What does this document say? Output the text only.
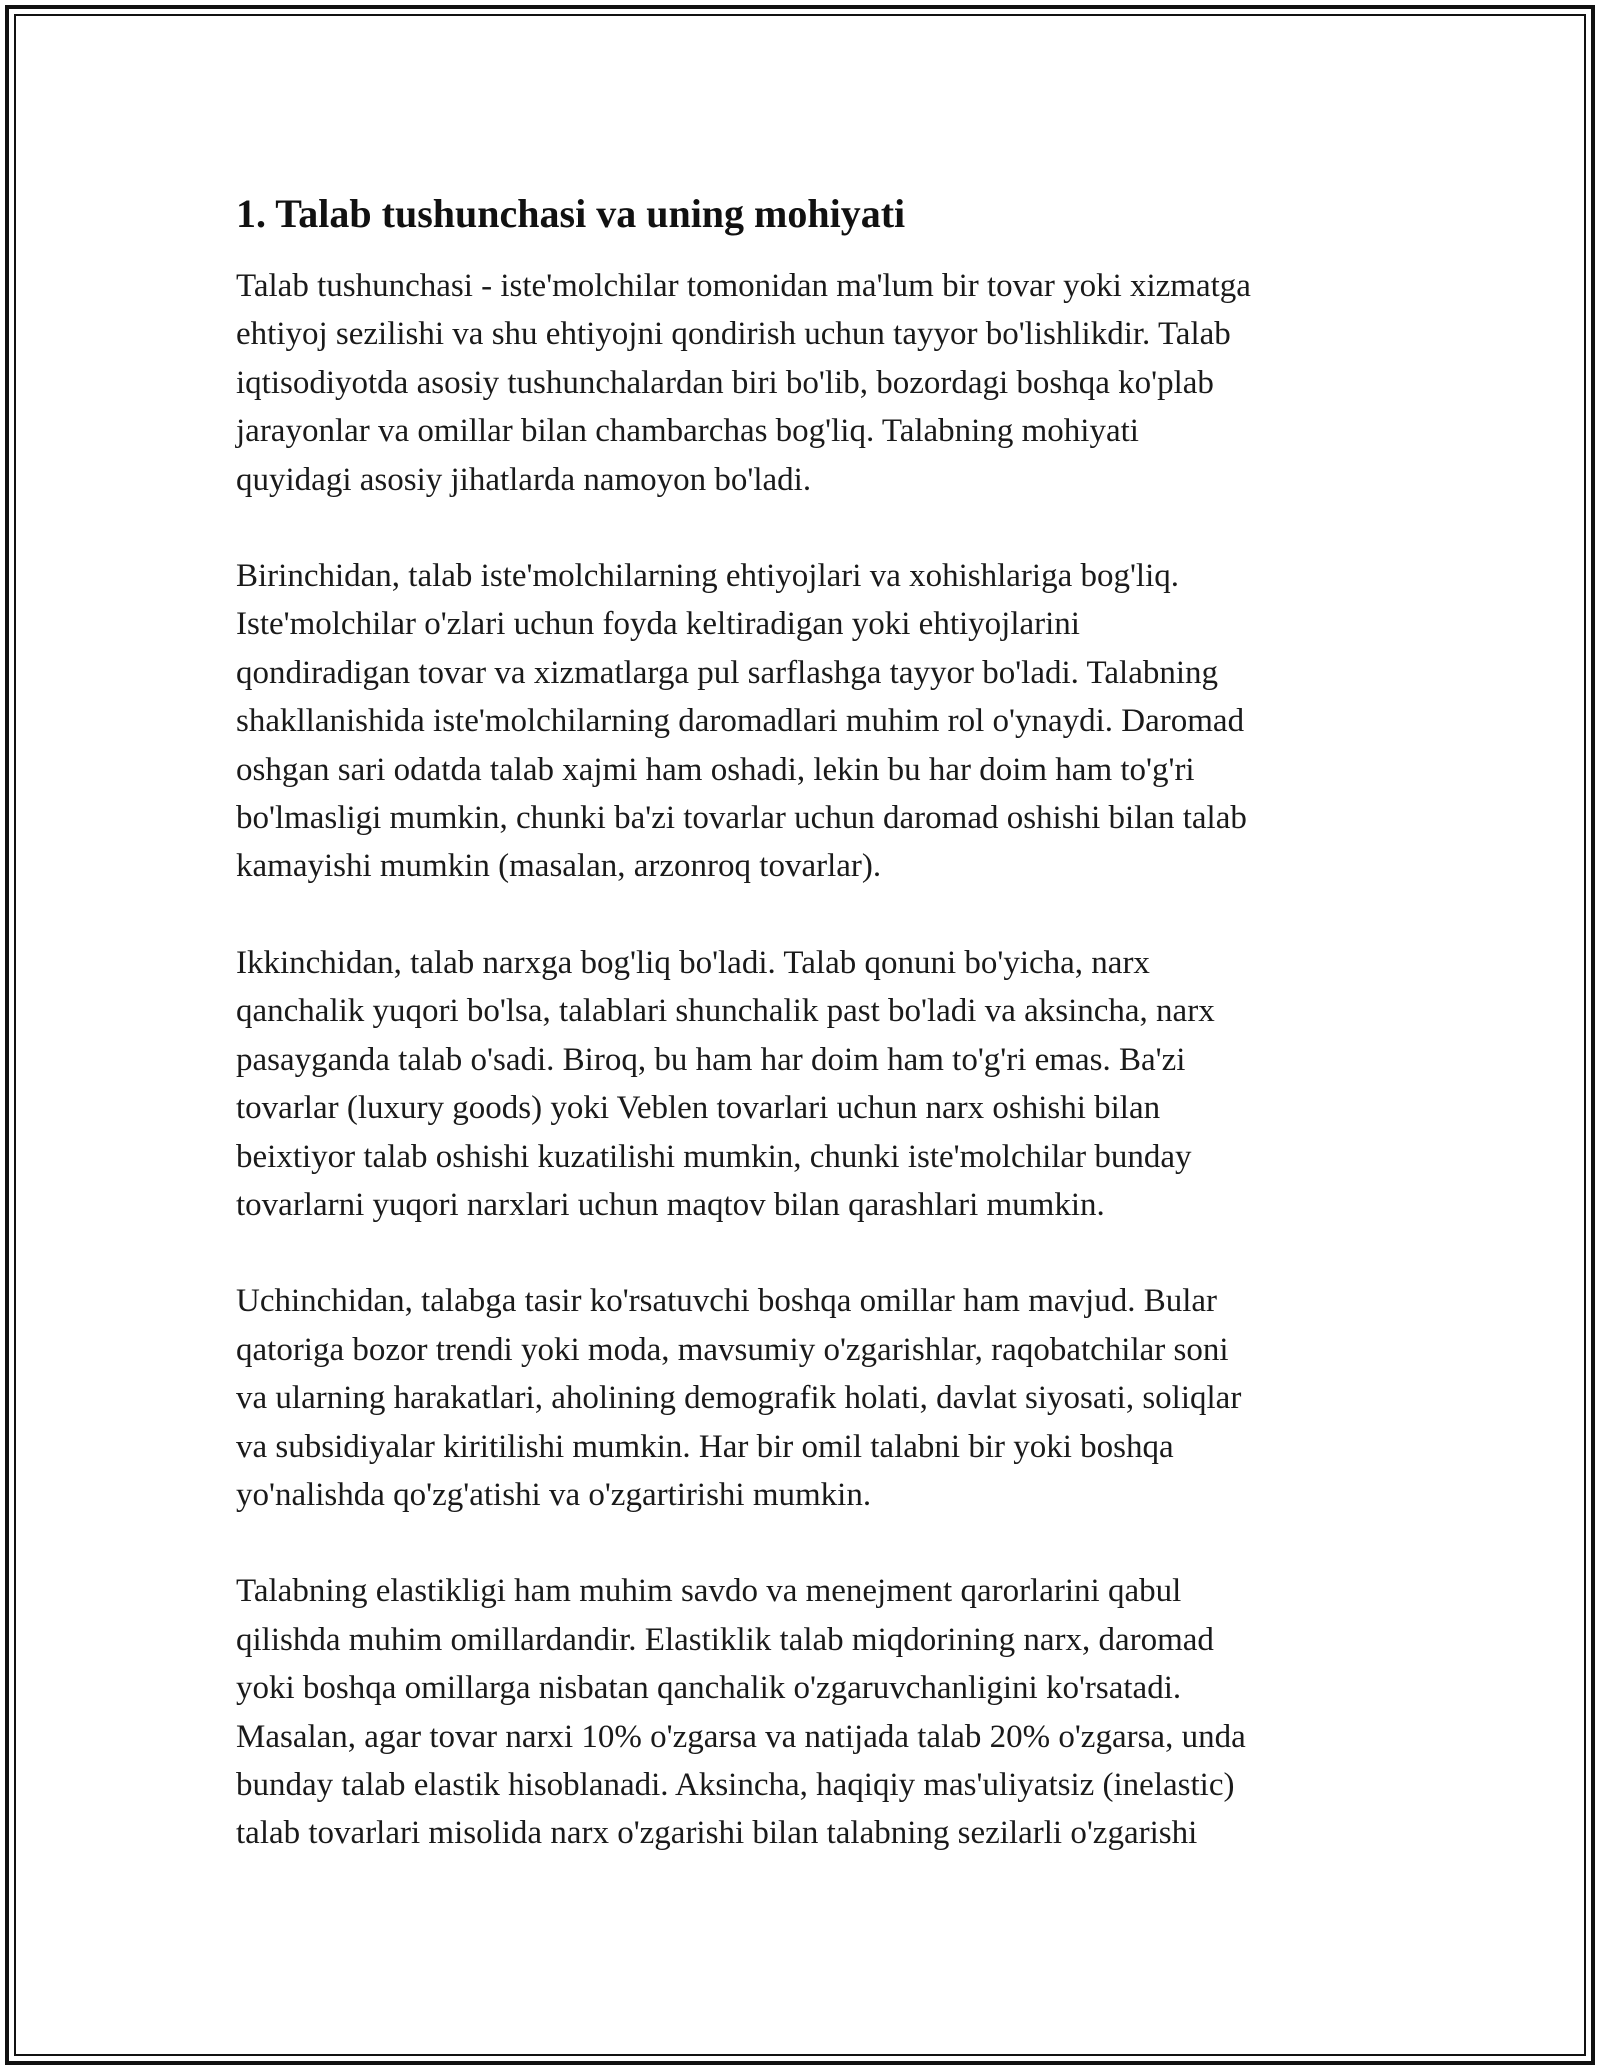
1. Talab tushunchasi va uning mohiyati

Talab tushunchasi - iste'molchilar tomonidan ma'lum bir tovar yoki xizmatga
ehtiyoj sezilishi va shu ehtiyojni qondirish uchun tayyor bo'lishlikdir. Talab
iqtisodiyotda asosiy tushunchalardan biri bo'lib, bozordagi boshqa ko'plab
jarayonlar va omillar bilan chambarchas bog'liq. Talabning mohiyati
quyidagi asosiy jihatlarda namoyon bo'ladi.

Birinchidan, talab iste'molchilarning ehtiyojlari va xohishlariga bog'liq.
Iste'molchilar o'zlari uchun foyda keltiradigan yoki ehtiyojlarini
qondiradigan tovar va xizmatlarga pul sarflashga tayyor bo'ladi. Talabning
shakllanishida iste'molchilarning daromadlari muhim rol o'ynaydi. Daromad
oshgan sari odatda talab xajmi ham oshadi, lekin bu har doim ham to'g'ri
bo'lmasligi mumkin, chunki ba'zi tovarlar uchun daromad oshishi bilan talab
kamayishi mumkin (masalan, arzonroq tovarlar).

Ikkinchidan, talab narxga bog'liq bo'ladi. Talab qonuni bo'yicha, narx
qanchalik yuqori bo'lsa, talablari shunchalik past bo'ladi va aksincha, narx
pasayganda talab o'sadi. Biroq, bu ham har doim ham to'g'ri emas. Ba'zi
tovarlar (luxury goods) yoki Veblen tovarlari uchun narx oshishi bilan
beixtiyor talab oshishi kuzatilishi mumkin, chunki iste'molchilar bunday
tovarlarni yuqori narxlari uchun maqtov bilan qarashlari mumkin.

Uchinchidan, talabga tasir ko'rsatuvchi boshqa omillar ham mavjud. Bular
qatoriga bozor trendi yoki moda, mavsumiy o'zgarishlar, raqobatchilar soni
va ularning harakatlari, aholining demografik holati, davlat siyosati, soliqlar
va subsidiyalar kiritilishi mumkin. Har bir omil talabni bir yoki boshqa
yo'nalishda qo'zg'atishi va o'zgartirishi mumkin.

Talabning elastikligi ham muhim savdo va menejment qarorlarini qabul
qilishda muhim omillardandir. Elastiklik talab miqdorining narx, daromad
yoki boshqa omillarga nisbatan qanchalik o'zgaruvchanligini ko'rsatadi.
Masalan, agar tovar narxi 10% o'zgarsa va natijada talab 20% o'zgarsa, unda
bunday talab elastik hisoblanadi. Aksincha, haqiqiy mas'uliyatsiz (inelastic)
talab tovarlari misolida narx o'zgarishi bilan talabning sezilarli o'zgarishi
